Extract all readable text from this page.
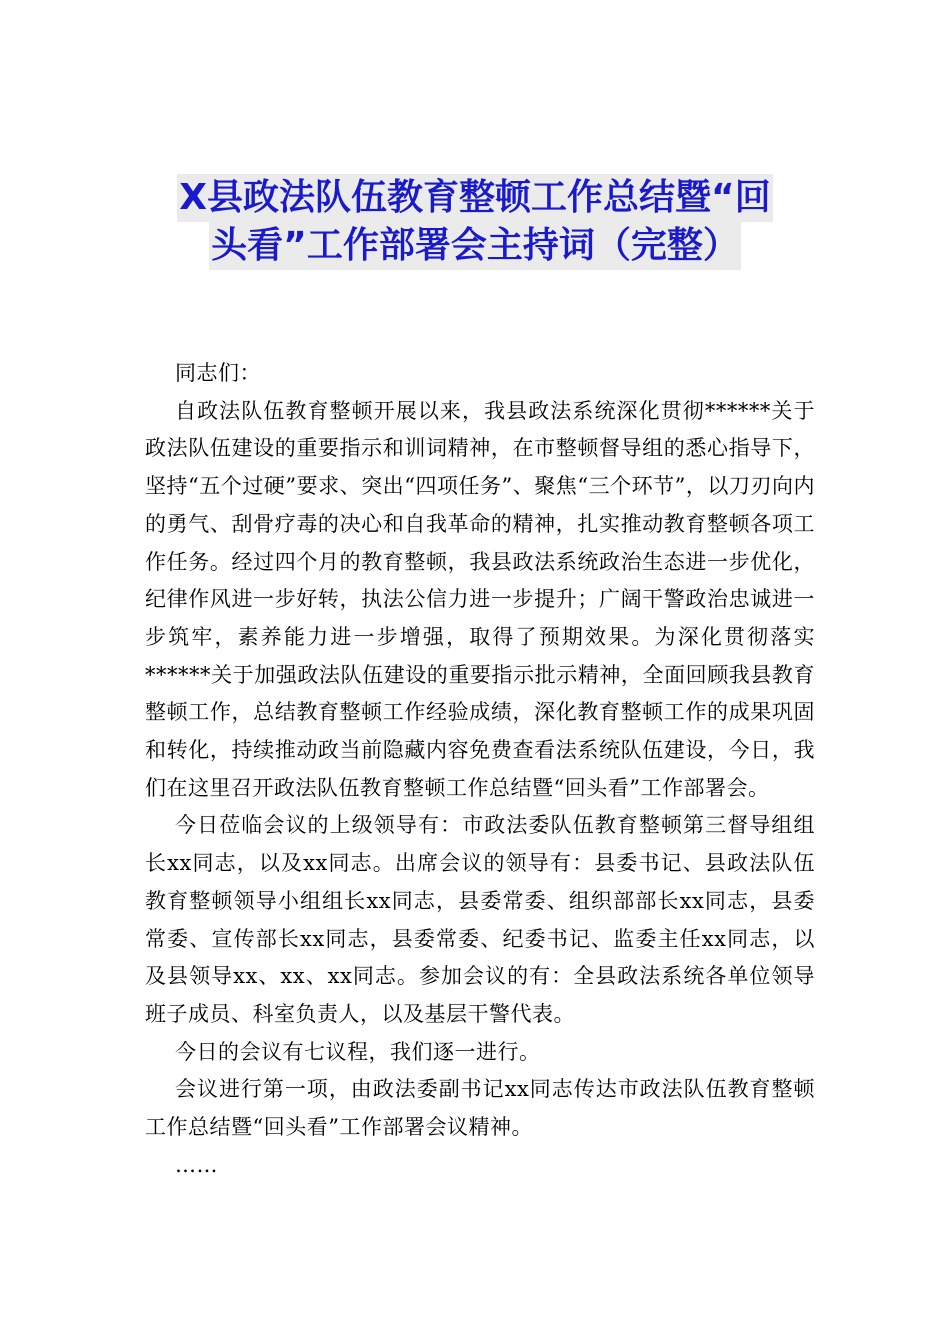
X县政法队伍教育整顿工作总结暨“回
头看”工作部署会主持词（完整）

同志们：

自政法队伍教育整顿开展以来，我县政法系统深化贯彻******关于政法队伍建设的重要指示和训词精神，在市整顿督导组的悉心指导下，坚持“五个过硬”要求、突出“四项任务”、聚焦“三个环节”，以刀刃向内的勇气、刮骨疗毒的决心和自我革命的精神，扎实推动教育整顿各项工作任务。经过四个月的教育整顿，我县政法系统政治生态进一步优化，纪律作风进一步好转，执法公信力进一步提升；广阔干警政治忠诚进一步筑牢，素养能力进一步增强，取得了预期效果。为深化贯彻落实******关于加强政法队伍建设的重要指示批示精神，全面回顾我县教育整顿工作，总结教育整顿工作经验成绩，深化教育整顿工作的成果巩固和转化，持续推动政当前隐藏内容免费查看法系统队伍建设，今日，我们在这里召开政法队伍教育整顿工作总结暨“回头看”工作部署会。

今日莅临会议的上级领导有：市政法委队伍教育整顿第三督导组组长xx同志，以及xx同志。出席会议的领导有：县委书记、县政法队伍教育整顿领导小组组长xx同志，县委常委、组织部部长xx同志，县委常委、宣传部长xx同志，县委常委、纪委书记、监委主任xx同志，以及县领导xx、xx、xx同志。参加会议的有：全县政法系统各单位领导班子成员、科室负责人，以及基层干警代表。

今日的会议有七议程，我们逐一进行。

会议进行第一项，由政法委副书记xx同志传达市政法队伍教育整顿工作总结暨“回头看”工作部署会议精神。

……
